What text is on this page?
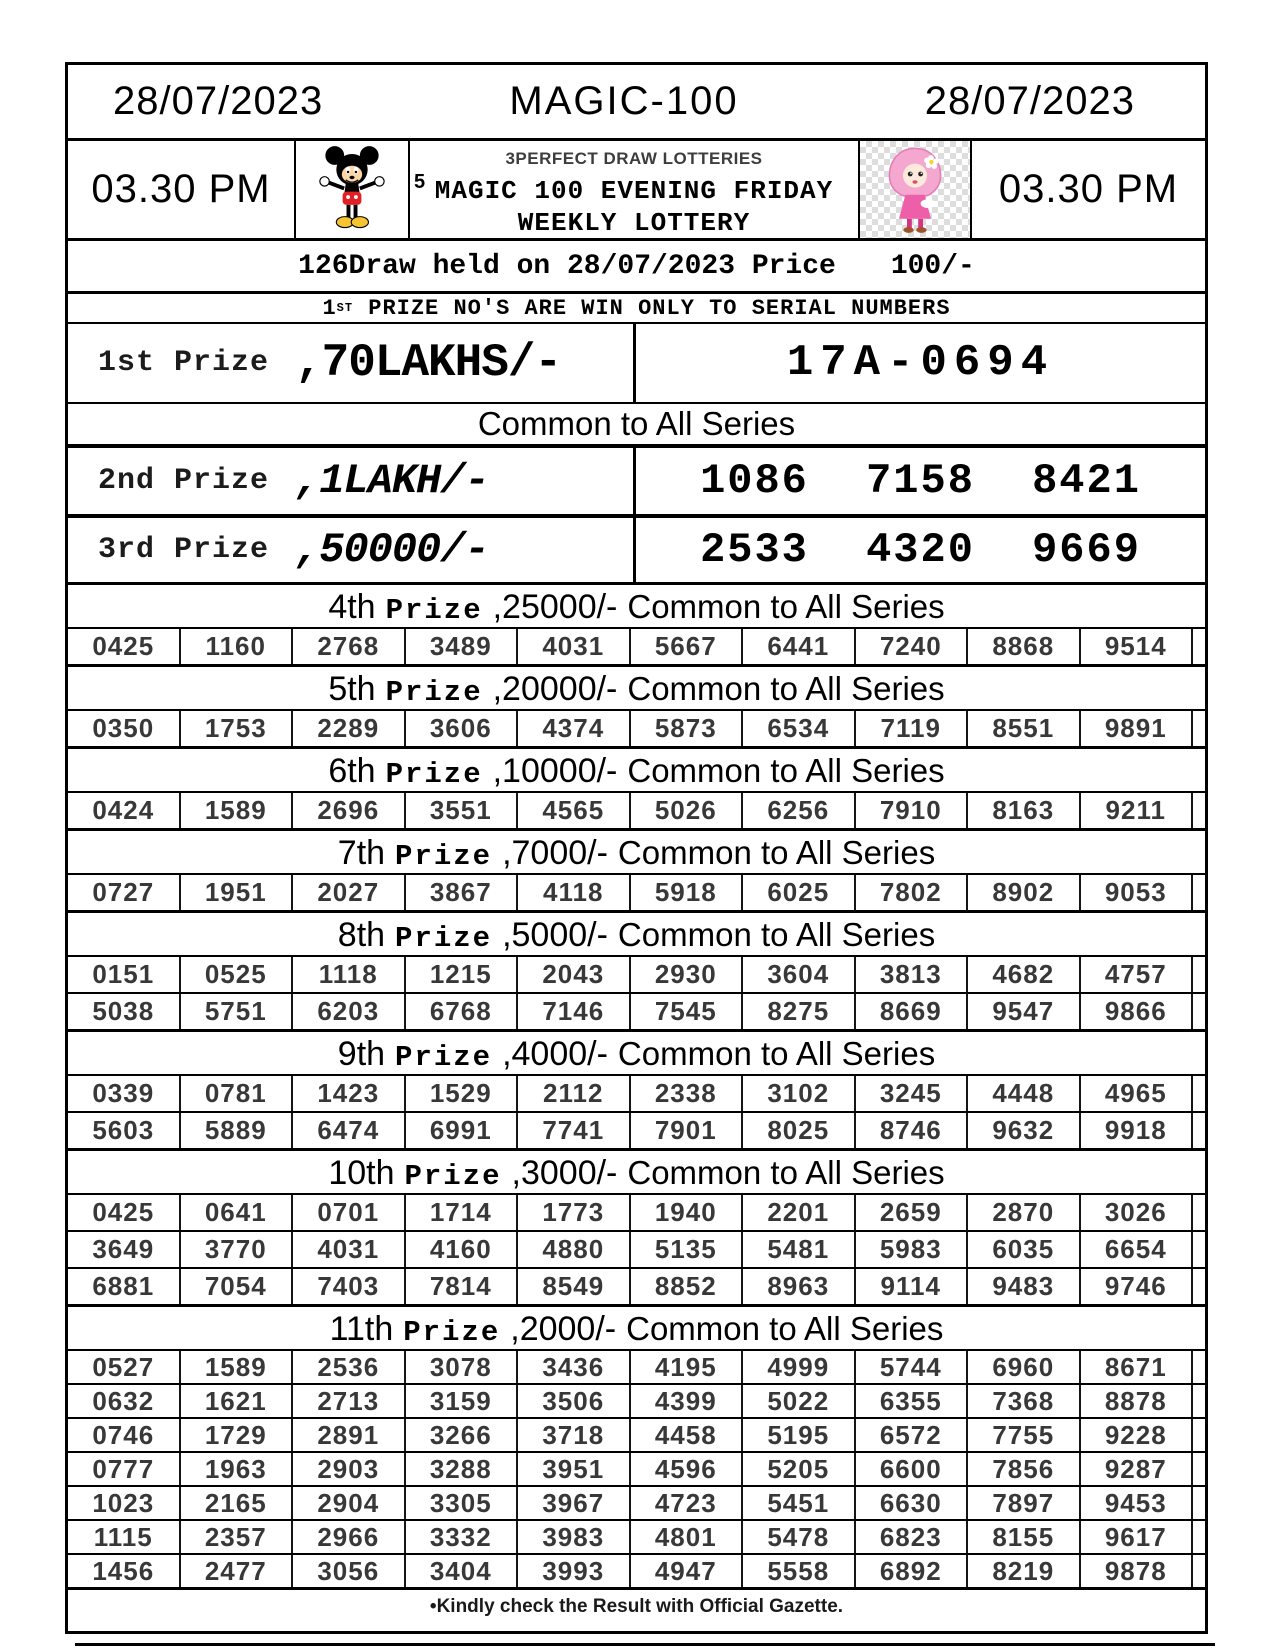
28/07/2023	MAGIC-100	28/07/2023
03.30 PM	5
3PERFECT DRAW LOTTERIES
MAGIC 100 EVENING FRIDAY
WEEKLY LOTTERY
03.30 PM
126Draw held on 28/07/2023 Price 100/-
1 ST
PRIZE NO'S ARE WIN ONLY TO SERIAL NUMBERS
1st Prize ,70LAKHS/-	17A-0694
Common to All Series
2nd Prize ,1LAKH/-	1086 7158 8421
3rd Prize ,50000/-	2533 4320 9669
4th Prize ,25000/- Common to All Series
0425	1160	2768	3489	4031	5667	6441	7240	8868	9514
5th Prize ,20000/- Common to All Series
0350	1753	2289	3606	4374	5873	6534	7119	8551	9891
6th Prize ,10000/- Common to All Series
0424	1589	2696	3551	4565	5026	6256	7910	8163	9211
7th Prize ,7000/- Common to All Series
0727	1951	2027	3867	4118	5918	6025	7802	8902	9053
8th Prize ,5000/- Common to All Series
0151	0525	1118	1215	2043	2930	3604	3813	4682	4757
5038	5751	6203	6768	7146	7545	8275	8669	9547	9866
9th Prize ,4000/- Common to All Series
0339	0781	1423	1529	2112	2338	3102	3245	4448	4965
5603	5889	6474	6991	7741	7901	8025	8746	9632	9918
10th Prize ,3000/- Common to All Series
0425	0641	0701	1714	1773	1940	2201	2659	2870	3026
3649	3770	4031	4160	4880	5135	5481	5983	6035	6654
6881	7054	7403	7814	8549	8852	8963	9114	9483	9746
11th Prize ,2000/- Common to All Series
0527	1589	2536	3078	3436	4195	4999	5744	6960	8671
0632	1621	2713	3159	3506	4399	5022	6355	7368	8878
0746	1729	2891	3266	3718	4458	5195	6572	7755	9228
0777	1963	2903	3288	3951	4596	5205	6600	7856	9287
1023	2165	2904	3305	3967	4723	5451	6630	7897	9453
1115	2357	2966	3332	3983	4801	5478	6823	8155	9617
1456	2477	3056	3404	3993	4947	5558	6892	8219	9878
•Kindly check the Result with Official Gazette.
